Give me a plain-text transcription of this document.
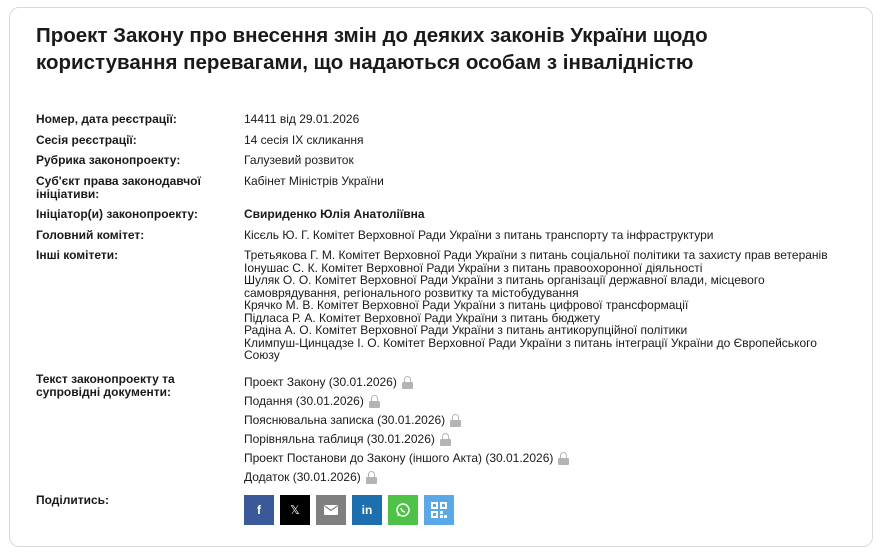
Проект Закону про внесення змін до деяких законів України щодо користування перевагами, що надаються особам з інвалідністю
Номер, дата реєстрації:	14411 від 29.01.2026
Сесія реєстрації:	14 сесія IX скликання
Рубрика законопроекту:	Галузевий розвиток
Суб'єкт права законодавчої ініціативи:
Кабінет Міністрів України
Ініціатор(и) законопроекту:	Свириденко Юлія Анатоліївна
Головний комітет:	Кісєль Ю. Г. Комітет Верховної Ради України з питань транспорту та інфраструктури
Інші комітети:	Третьякова Г. М. Комітет Верховної Ради України з питань соціальної політики та захисту прав ветеранів
Іонушас С. К. Комітет Верховної Ради України з питань правоохоронної діяльності
Шуляк О. О. Комітет Верховної Ради України з питань організації державної влади, місцевого самоврядування, регіонального розвитку та містобудування
Крячко М. В. Комітет Верховної Ради України з питань цифрової трансформації
Підласа Р. А. Комітет Верховної Ради України з питань бюджету
Радіна А. О. Комітет Верховної Ради України з питань антикорупційної політики
Климпуш-Цинцадзе І. О. Комітет Верховної Ради України з питань інтеграції України до Європейського Союзу
Текст законопроекту та супровідні документи:
Проект Закону (30.01.2026)
Подання (30.01.2026)
Пояснювальна записка (30.01.2026)
Порівняльна таблиця (30.01.2026)
Проект Постанови до Закону (іншого Акта) (30.01.2026)
Додаток (30.01.2026)
Поділитись:
f 𝕏	in
